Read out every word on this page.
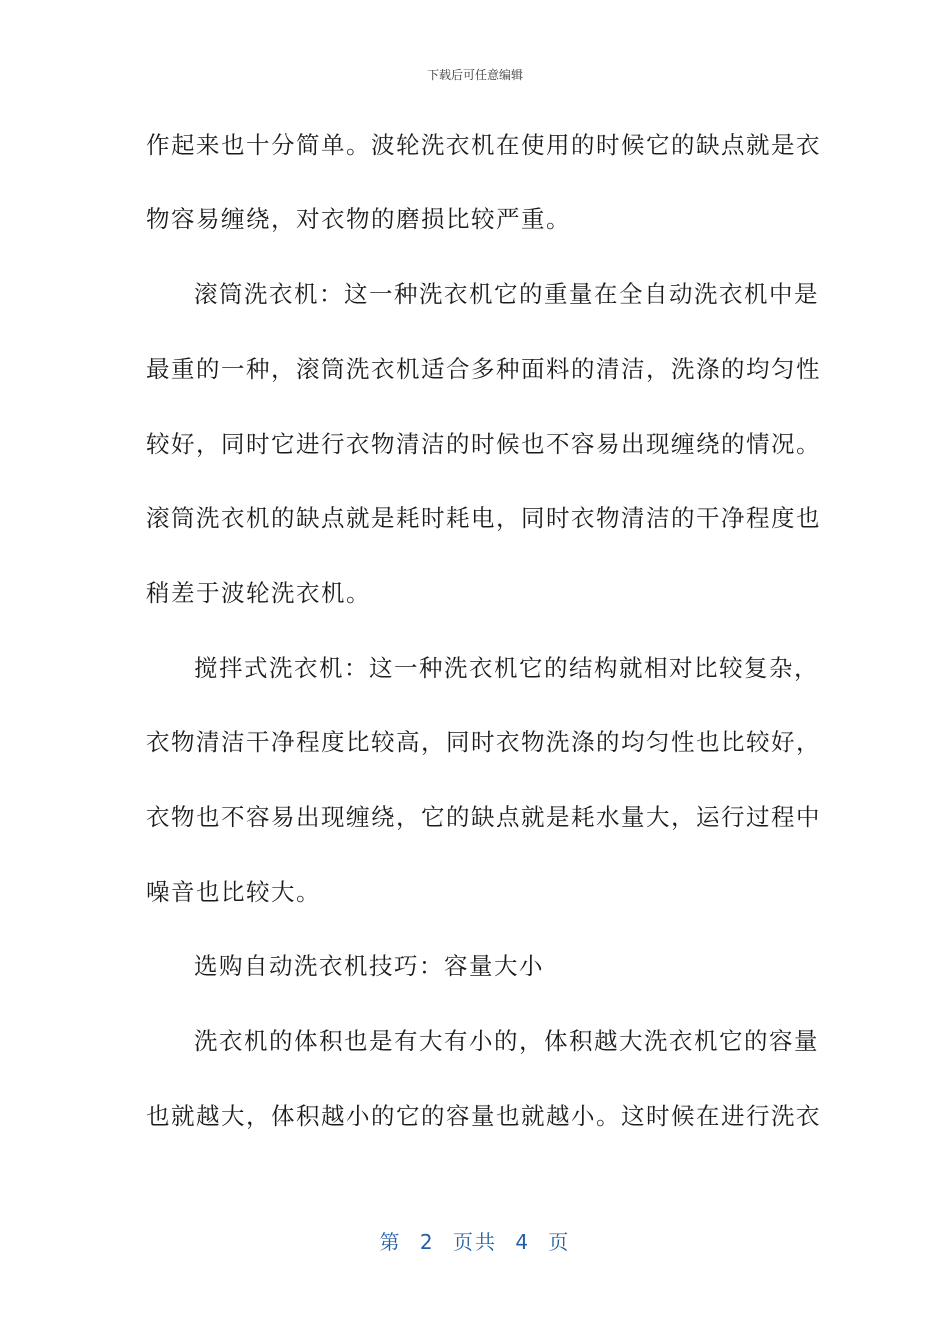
下载后可任意编辑
作起来也十分简单。波轮洗衣机在使用的时候它的缺点就是衣
物容易缠绕，对衣物的磨损比较严重。
滚筒洗衣机：这一种洗衣机它的重量在全自动洗衣机中是
最重的一种，滚筒洗衣机适合多种面料的清洁，洗涤的均匀性
较好，同时它进行衣物清洁的时候也不容易出现缠绕的情况。
滚筒洗衣机的缺点就是耗时耗电，同时衣物清洁的干净程度也
稍差于波轮洗衣机。
搅拌式洗衣机：这一种洗衣机它的结构就相对比较复杂，
衣物清洁干净程度比较高，同时衣物洗涤的均匀性也比较好，
衣物也不容易出现缠绕，它的缺点就是耗水量大，运行过程中
噪音也比较大。
选购自动洗衣机技巧：容量大小
洗衣机的体积也是有大有小的，体积越大洗衣机它的容量
也就越大，体积越小的它的容量也就越小。这时候在进行洗衣
第 2 页共 4 页
